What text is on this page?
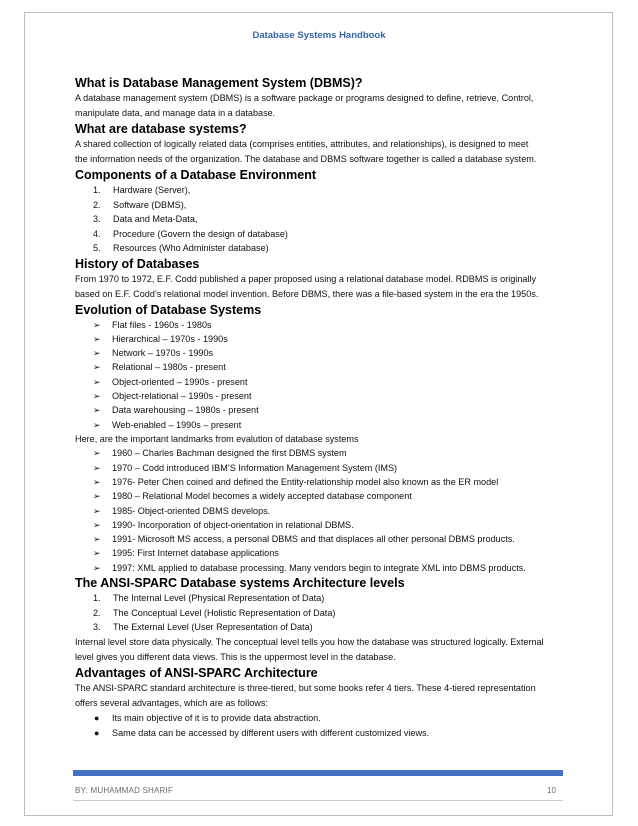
Database Systems Handbook
What is Database Management System (DBMS)?

A database management system (DBMS) is a software package or programs designed to define, retrieve, Control,

manipulate data, and manage data in a database.

What are database systems?

A shared collection of logically related data (comprises entities, attributes, and relationships), is designed to meet

the information needs of the organization. The database and DBMS software together is called a database system.

Components of a Database Environment
1. Hardware (Server),
2. Software (DBMS),
3. Data and Meta-Data,
4. Procedure (Govern the design of database)
5. Resources (Who Administer database)
History of Databases

From 1970 to 1972, E.F. Codd published a paper proposed using a relational database model. RDBMS is originally

based on E.F. Codd’s relational model invention. Before DBMS, there was a file-based system in the era the 1950s.

Evolution of Database Systems
➢ Flat files - 1960s - 1980s
➢ Hierarchical – 1970s - 1990s
➢ Network – 1970s - 1990s
➢ Relational – 1980s - present
➢ Object-oriented – 1990s - present
➢ Object-relational – 1990s - present
➢ Data warehousing – 1980s - present
➢ Web-enabled – 1990s – present

Here, are the important landmarks from evalution of database systems

➢ 1960 – Charles Bachman designed the first DBMS system
➢ 1970 – Codd introduced IBM’S Information Management System (IMS)
➢ 1976- Peter Chen coined and defined the Entity-relationship model also known as the ER model
➢ 1980 – Relational Model becomes a widely accepted database component
➢ 1985- Object-oriented DBMS develops.
➢ 1990- Incorporation of object-orientation in relational DBMS.
➢ 1991- Microsoft MS access, a personal DBMS and that displaces all other personal DBMS products.
➢ 1995: First Internet database applications
➢ 1997: XML applied to database processing. Many vendors begin to integrate XML into DBMS products.
The ANSI-SPARC Database systems Architecture levels
1. The Internal Level (Physical Representation of Data)
2. The Conceptual Level (Holistic Representation of Data)
3. The External Level (User Representation of Data)

Internal level store data physically. The conceptual level tells you how the database was structured logically. External

level gives you different data views. This is the uppermost level in the database.

Advantages of ANSI-SPARC Architecture

The ANSI-SPARC standard architecture is three-tiered, but some books refer 4 tiers. These 4-tiered representation

offers several advantages, which are as follows:

● Its main objective of it is to provide data abstraction.
● Same data can be accessed by different users with different customized views.
BY: MUHAMMAD SHARIF	10
